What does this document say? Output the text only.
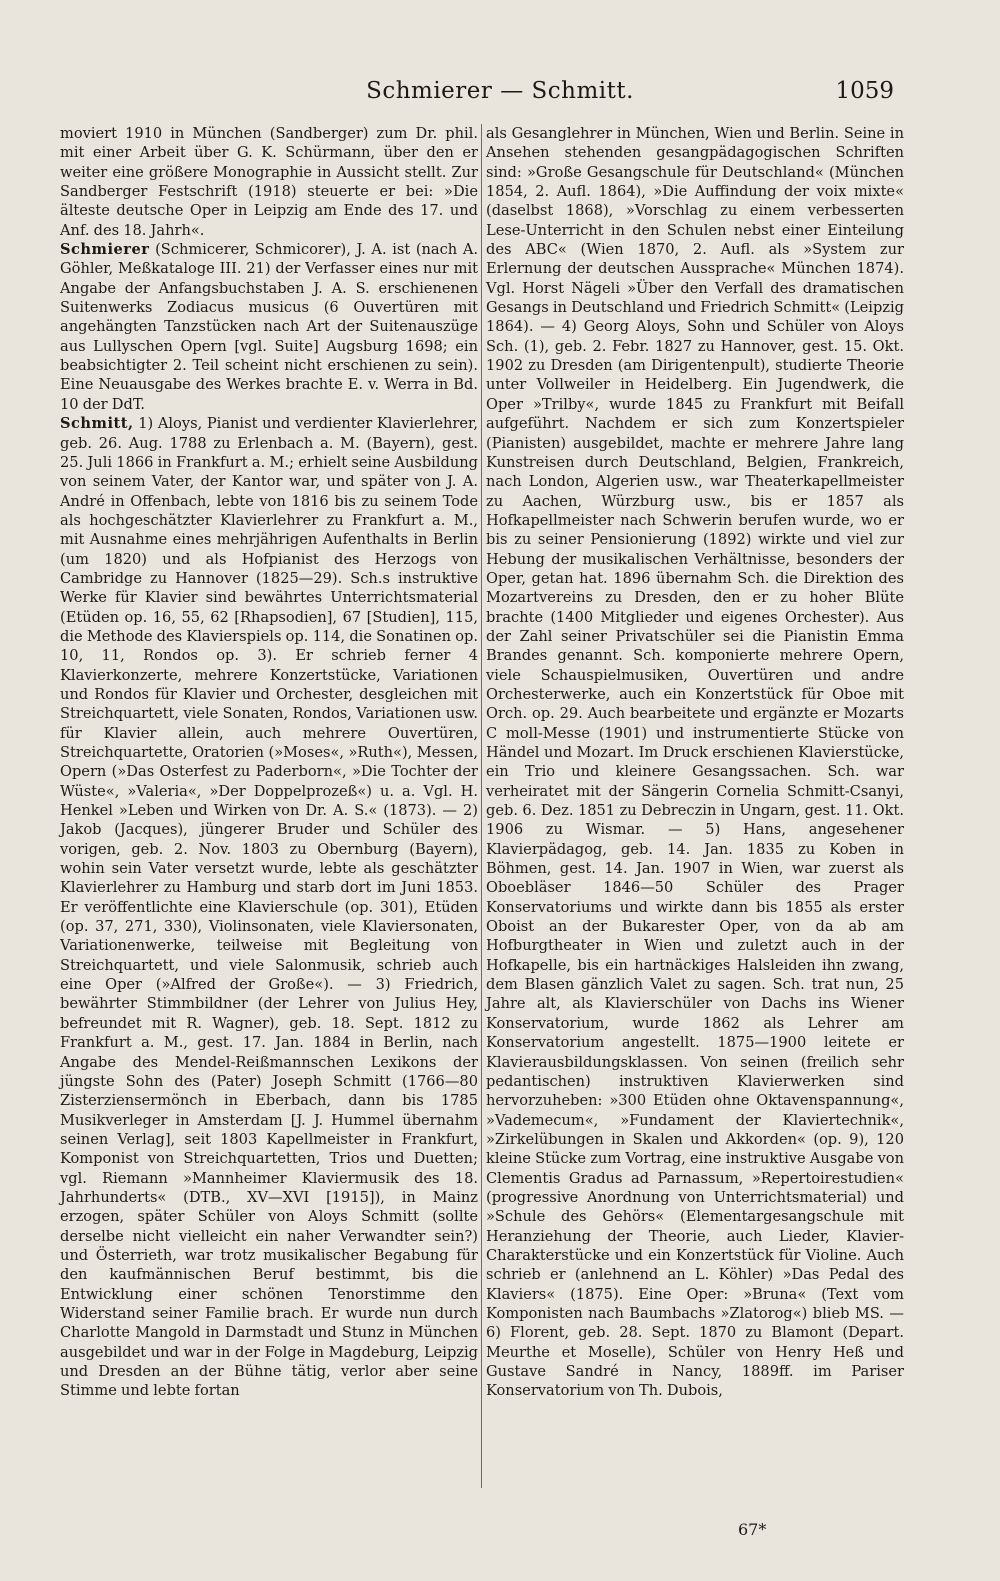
Schmierer — Schmitt.	1059

moviert 1910 in München (Sandberger) zum Dr. phil. mit einer Arbeit über G. K. Schürmann, über den er weiter eine größere Monographie in Aussicht stellt. Zur Sandberger Festschrift (1918) steuerte er bei: »Die älteste deutsche Oper in Leipzig am Ende des 17. und Anf. des 18. Jahrh«.

Schmierer (Schmicerer, Schmicorer), J. A. ist (nach A. Göhler, Meßkataloge III. 21) der Verfasser eines nur mit Angabe der Anfangsbuchstaben J. A. S. erschienenen Suitenwerks Zodiacus musicus (6 Ouvertüren mit angehängten Tanzstücken nach Art der Suitenauszüge aus Lullyschen Opern [vgl. Suite] Augsburg 1698; ein beabsichtigter 2. Teil scheint nicht erschienen zu sein). Eine Neuausgabe des Werkes brachte E. v. Werra in Bd. 10 der DdT.

Schmitt, 1) Aloys, Pianist und verdienter Klavierlehrer, geb. 26. Aug. 1788 zu Erlenbach a. M. (Bayern), gest. 25. Juli 1866 in Frankfurt a. M.; erhielt seine Ausbildung von seinem Vater, der Kantor war, und später von J. A. André in Offenbach, lebte von 1816 bis zu seinem Tode als hochgeschätzter Klavierlehrer zu Frankfurt a. M., mit Ausnahme eines mehrjährigen Aufenthalts in Berlin (um 1820) und als Hofpianist des Herzogs von Cambridge zu Hannover (1825—29). Sch.s instruktive Werke für Klavier sind bewährtes Unterrichtsmaterial (Etüden op. 16, 55, 62 [Rhapsodien], 67 [Studien], 115, die Methode des Klavierspiels op. 114, die Sonatinen op. 10, 11, Rondos op. 3). Er schrieb ferner 4 Klavierkonzerte, mehrere Konzertstücke, Variationen und Rondos für Klavier und Orchester, desgleichen mit Streichquartett, viele Sonaten, Rondos, Variationen usw. für Klavier allein, auch mehrere Ouvertüren, Streichquartette, Oratorien (»Moses«, »Ruth«), Messen, Opern (»Das Osterfest zu Paderborn«, »Die Tochter der Wüste«, »Valeria«, »Der Doppelprozeß«) u. a. Vgl. H. Henkel »Leben und Wirken von Dr. A. S.« (1873). — 2) Jakob (Jacques), jüngerer Bruder und Schüler des vorigen, geb. 2. Nov. 1803 zu Obernburg (Bayern), wohin sein Vater versetzt wurde, lebte als geschätzter Klavierlehrer zu Hamburg und starb dort im Juni 1853. Er veröffentlichte eine Klavierschule (op. 301), Etüden (op. 37, 271, 330), Violinsonaten, viele Klaviersonaten, Variationenwerke, teilweise mit Begleitung von Streichquartett, und viele Salonmusik, schrieb auch eine Oper (»Alfred der Große«). — 3) Friedrich, bewährter Stimmbildner (der Lehrer von Julius Hey, befreundet mit R. Wagner), geb. 18. Sept. 1812 zu Frankfurt a. M., gest. 17. Jan. 1884 in Berlin, nach Angabe des Mendel-Reißmannschen Lexikons der jüngste Sohn des (Pater) Joseph Schmitt (1766—80 Zisterziensermönch in Eberbach, dann bis 1785 Musikverleger in Amsterdam [J. J. Hummel übernahm seinen Verlag], seit 1803 Kapellmeister in Frankfurt, Komponist von Streichquartetten, Trios und Duetten; vgl. Riemann »Mannheimer Klaviermusik des 18. Jahrhunderts« (DTB., XV—XVI [1915]), in Mainz erzogen, später Schüler von Aloys Schmitt (sollte derselbe nicht vielleicht ein naher Verwandter sein?) und Österrieth, war trotz musikalischer Begabung für den kaufmännischen Beruf bestimmt, bis die Entwicklung einer schönen Tenorstimme den Widerstand seiner Familie brach. Er wurde nun durch Charlotte Mangold in Darmstadt und Stunz in München ausgebildet und war in der Folge in Magdeburg, Leipzig und Dresden an der Bühne tätig, verlor aber seine Stimme und lebte fortan

als Gesanglehrer in München, Wien und Berlin. Seine in Ansehen stehenden gesangpädagogischen Schriften sind: »Große Gesangschule für Deutschland« (München 1854, 2. Aufl. 1864), »Die Auffindung der voix mixte« (daselbst 1868), »Vorschlag zu einem verbesserten Lese-Unterricht in den Schulen nebst einer Einteilung des ABC« (Wien 1870, 2. Aufl. als »System zur Erlernung der deutschen Aussprache« München 1874). Vgl. Horst Nägeli »Über den Verfall des dramatischen Gesangs in Deutschland und Friedrich Schmitt« (Leipzig 1864). — 4) Georg Aloys, Sohn und Schüler von Aloys Sch. (1), geb. 2. Febr. 1827 zu Hannover, gest. 15. Okt. 1902 zu Dresden (am Dirigentenpult), studierte Theorie unter Vollweiler in Heidelberg. Ein Jugendwerk, die Oper »Trilby«, wurde 1845 zu Frankfurt mit Beifall aufgeführt. Nachdem er sich zum Konzertspieler (Pianisten) ausgebildet, machte er mehrere Jahre lang Kunstreisen durch Deutschland, Belgien, Frankreich, nach London, Algerien usw., war Theaterkapellmeister zu Aachen, Würzburg usw., bis er 1857 als Hofkapellmeister nach Schwerin berufen wurde, wo er bis zu seiner Pensionierung (1892) wirkte und viel zur Hebung der musikalischen Verhältnisse, besonders der Oper, getan hat. 1896 übernahm Sch. die Direktion des Mozartvereins zu Dresden, den er zu hoher Blüte brachte (1400 Mitglieder und eigenes Orchester). Aus der Zahl seiner Privatschüler sei die Pianistin Emma Brandes genannt. Sch. komponierte mehrere Opern, viele Schauspielmusiken, Ouvertüren und andre Orchesterwerke, auch ein Konzertstück für Oboe mit Orch. op. 29. Auch bearbeitete und ergänzte er Mozarts C moll-Messe (1901) und instrumentierte Stücke von Händel und Mozart. Im Druck erschienen Klavierstücke, ein Trio und kleinere Gesangssachen. Sch. war verheiratet mit der Sängerin Cornelia Schmitt-Csanyi, geb. 6. Dez. 1851 zu Debreczin in Ungarn, gest. 11. Okt. 1906 zu Wismar. — 5) Hans, angesehener Klavierpädagog, geb. 14. Jan. 1835 zu Koben in Böhmen, gest. 14. Jan. 1907 in Wien, war zuerst als Oboebläser 1846—50 Schüler des Prager Konservatoriums und wirkte dann bis 1855 als erster Oboist an der Bukarester Oper, von da ab am Hofburgtheater in Wien und zuletzt auch in der Hofkapelle, bis ein hartnäckiges Halsleiden ihn zwang, dem Blasen gänzlich Valet zu sagen. Sch. trat nun, 25 Jahre alt, als Klavierschüler von Dachs ins Wiener Konservatorium, wurde 1862 als Lehrer am Konservatorium angestellt. 1875—1900 leitete er Klavierausbildungsklassen. Von seinen (freilich sehr pedantischen) instruktiven Klavierwerken sind hervorzuheben: »300 Etüden ohne Oktavenspannung«, »Vademecum«, »Fundament der Klaviertechnik«, »Zirkelübungen in Skalen und Akkorden« (op. 9), 120 kleine Stücke zum Vortrag, eine instruktive Ausgabe von Clementis Gradus ad Parnassum, »Repertoirestudien« (progressive Anordnung von Unterrichtsmaterial) und »Schule des Gehörs« (Elementargesangschule mit Heranziehung der Theorie, auch Lieder, Klavier-Charakterstücke und ein Konzertstück für Violine. Auch schrieb er (anlehnend an L. Köhler) »Das Pedal des Klaviers« (1875). Eine Oper: »Bruna« (Text vom Komponisten nach Baumbachs »Zlatorog«) blieb MS. — 6) Florent, geb. 28. Sept. 1870 zu Blamont (Depart. Meurthe et Moselle), Schüler von Henry Heß und Gustave Sandré in Nancy, 1889ff. im Pariser Konservatorium von Th. Dubois,

67*
